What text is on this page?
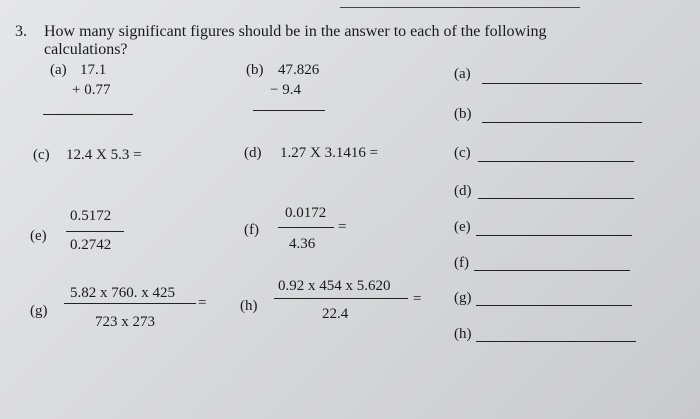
3. How many significant figures should be in the answer to each of the following
calculations?
(a) 17.1
+ 0.77
(b) 47.826
− 9.4
(c) 12.4 X 5.3 =	(d) 1.27 X 3.1416 =
(e)
0.5172
0.2742
(f)
0.0172
=
4.36
(g)
5.82 x 760. x 425
=
723 x 273
(h)
0.92 x 454 x 5.620
=
22.4
(a)
(b)
(c)
(d)
(e)
(f)
(g)
(h)
